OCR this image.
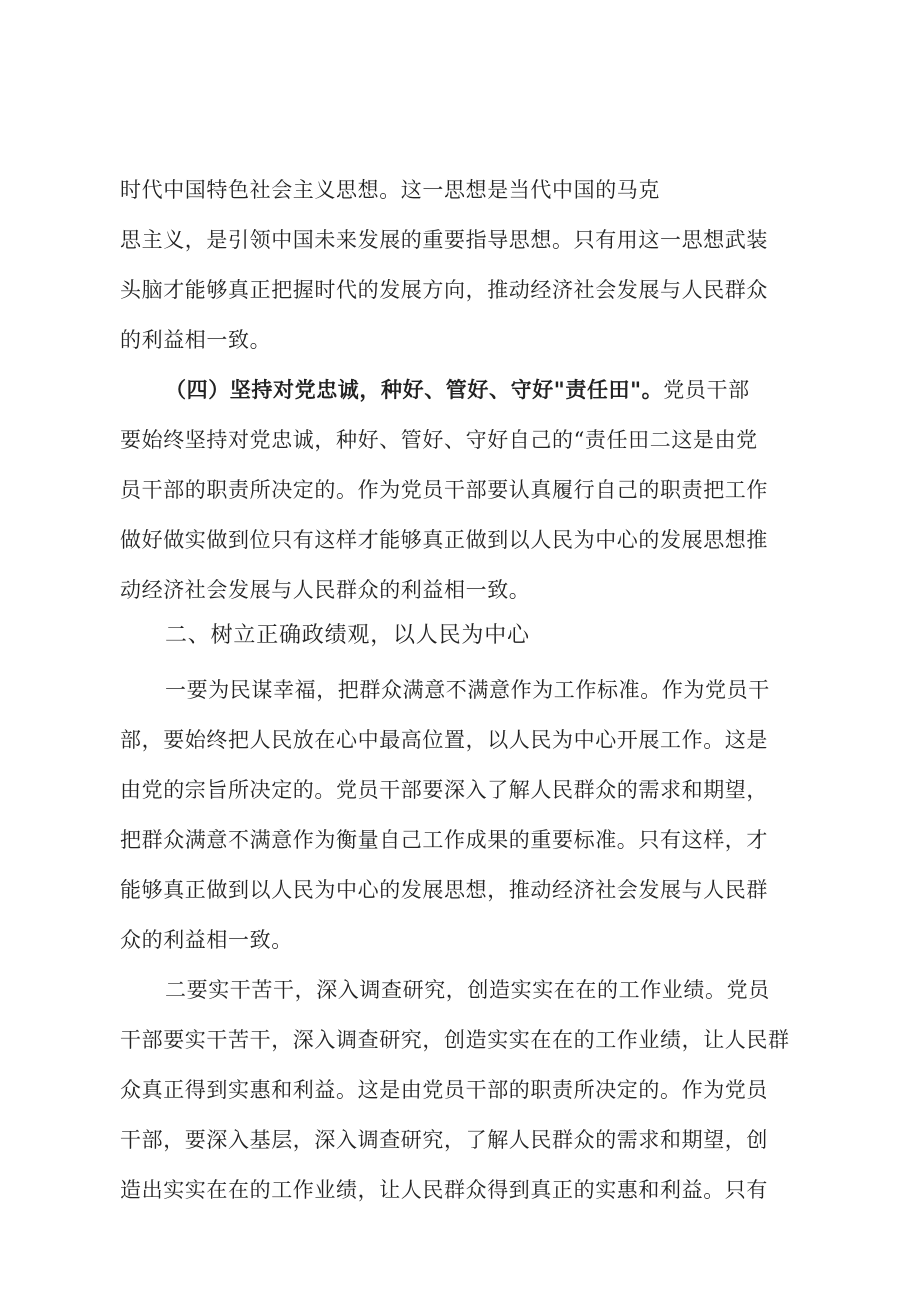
时代中国特色社会主义思想。这一思想是当代中国的马克
思主义，是引领中国未来发展的重要指导思想。只有用这一思想武装
头脑才能够真正把握时代的发展方向，推动经济社会发展与人民群众
的利益相一致。
（四）坚持对党忠诚，种好、管好、守好"责任田"。党员干部
要始终坚持对党忠诚，种好、管好、守好自己的“责任田二这是由党
员干部的职责所决定的。作为党员干部要认真履行自己的职责把工作
做好做实做到位只有这样才能够真正做到以人民为中心的发展思想推
动经济社会发展与人民群众的利益相一致。
二、树立正确政绩观，以人民为中心
一要为民谋幸福，把群众满意不满意作为工作标准。作为党员干
部，要始终把人民放在心中最高位置，以人民为中心开展工作。这是
由党的宗旨所决定的。党员干部要深入了解人民群众的需求和期望，
把群众满意不满意作为衡量自己工作成果的重要标准。只有这样，才
能够真正做到以人民为中心的发展思想，推动经济社会发展与人民群
众的利益相一致。
二要实干苦干，深入调查研究，创造实实在在的工作业绩。党员
干部要实干苦干，深入调查研究，创造实实在在的工作业绩，让人民群
众真正得到实惠和利益。这是由党员干部的职责所决定的。作为党员
干部，要深入基层，深入调查研究，了解人民群众的需求和期望，创
造出实实在在的工作业绩，让人民群众得到真正的实惠和利益。只有
